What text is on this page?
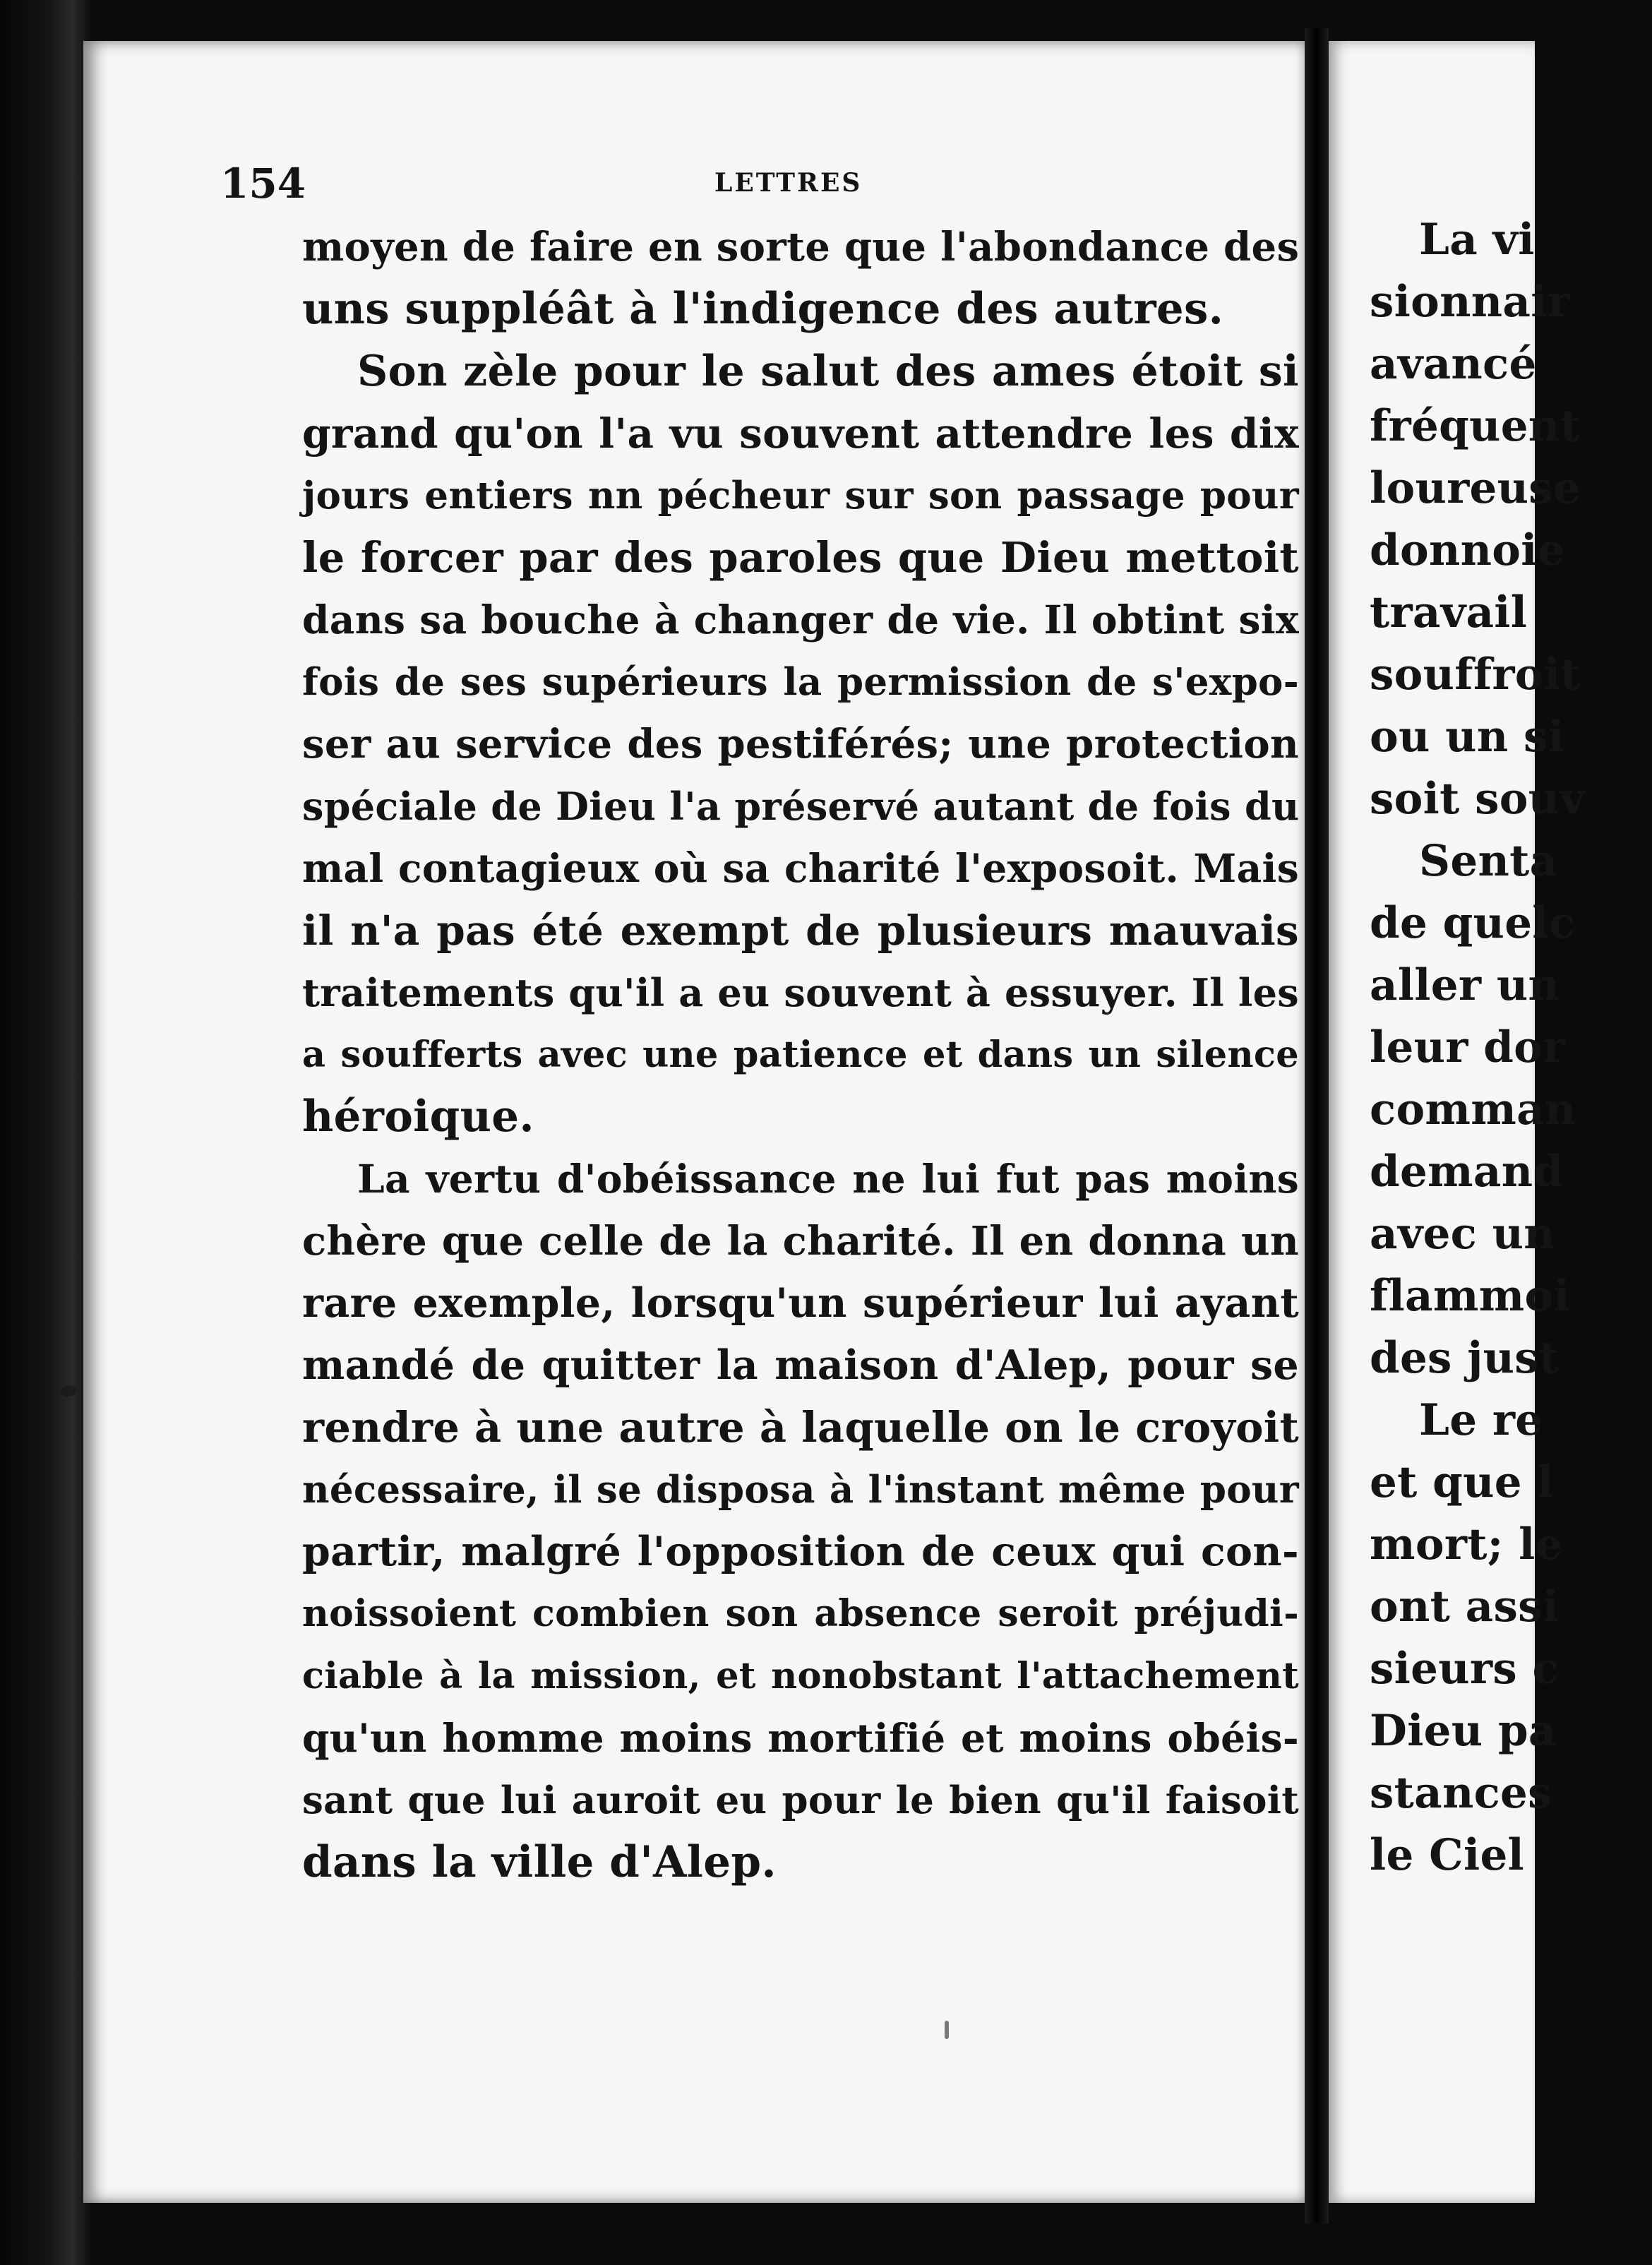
La vi
sionnair
avancé
fréquent
loureuse
donnoie
travail
souffroit
ou un si
soit souv
Senta
de quelc
aller un
leur dor
comman
demand
avec un
flammoi
des just
Le re
et que l
mort; le
ont assi
sieurs c
Dieu pa
stances
le Ciel
154	LETTRES
moyen de faire en sorte que l'abondance des
uns suppléât à l'indigence des autres.
Son zèle pour le salut des ames étoit si
grand qu'on l'a vu souvent attendre les dix
jours entiers nn pécheur sur son passage pour
le forcer par des paroles que Dieu mettoit
dans sa bouche à changer de vie. Il obtint six
fois de ses supérieurs la permission de s'expo-
ser au service des pestiférés; une protection
spéciale de Dieu l'a préservé autant de fois du
mal contagieux où sa charité l'exposoit. Mais
il n'a pas été exempt de plusieurs mauvais
traitements qu'il a eu souvent à essuyer. Il les
a soufferts avec une patience et dans un silence
héroique.
La vertu d'obéissance ne lui fut pas moins
chère que celle de la charité. Il en donna un
rare exemple, lorsqu'un supérieur lui ayant
mandé de quitter la maison d'Alep, pour se
rendre à une autre à laquelle on le croyoit
nécessaire, il se disposa à l'instant même pour
partir, malgré l'opposition de ceux qui con-
noissoient combien son absence seroit préjudi-
ciable à la mission, et nonobstant l'attachement
qu'un homme moins mortifié et moins obéis-
sant que lui auroit eu pour le bien qu'il faisoit
dans la ville d'Alep.
